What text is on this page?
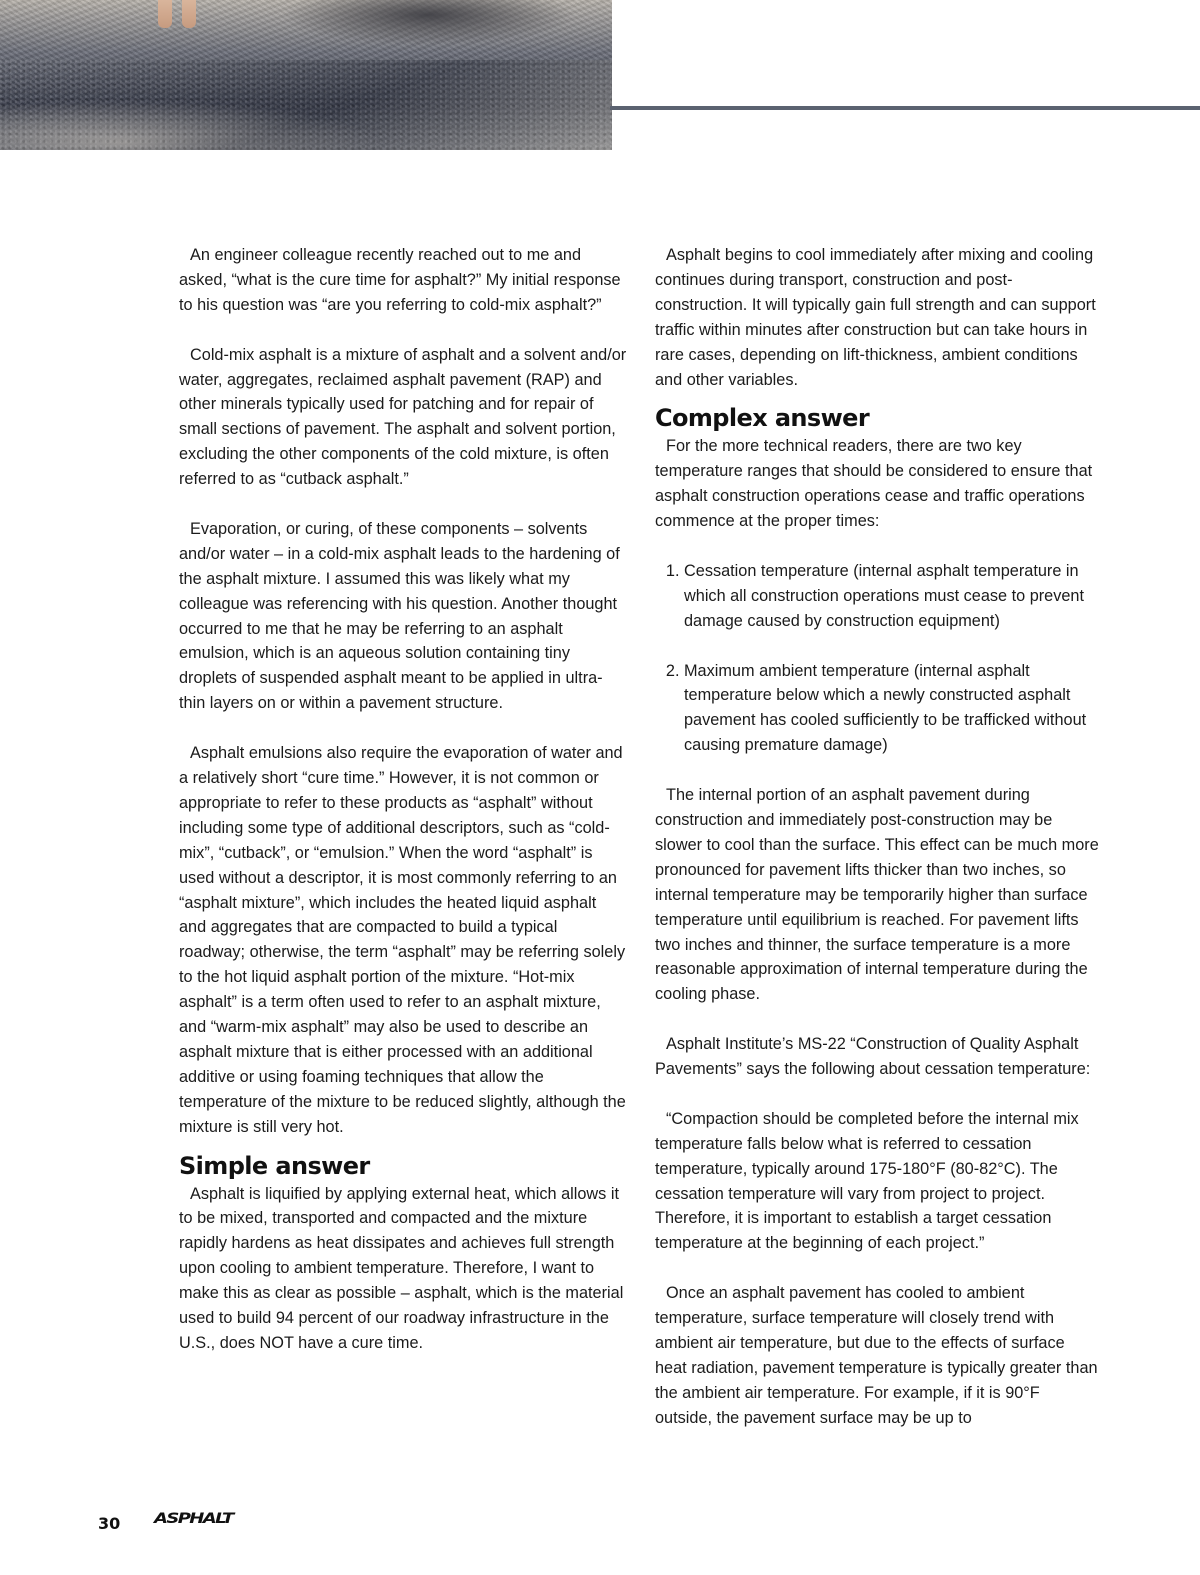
An engineer colleague recently reached out to me and asked, “what is the cure time for asphalt?” My initial response to his question was “are you referring to cold-mix asphalt?”

Cold-mix asphalt is a mixture of asphalt and a solvent and/or water, aggregates, reclaimed asphalt pavement (RAP) and other minerals typically used for patching and for repair of small sections of pavement. The asphalt and solvent portion, excluding the other components of the cold mixture, is often referred to as “cutback asphalt.”

Evaporation, or curing, of these components – solvents and/or water – in a cold-mix asphalt leads to the hardening of the asphalt mixture. I assumed this was likely what my colleague was referencing with his question. Another thought occurred to me that he may be referring to an asphalt emulsion, which is an aqueous solution containing tiny droplets of suspended asphalt meant to be applied in ultra-thin layers on or within a pavement structure.

Asphalt emulsions also require the evaporation of water and a relatively short “cure time.” However, it is not common or appropriate to refer to these products as “asphalt” without including some type of additional descriptors, such as “cold-mix”, “cutback”, or “emulsion.” When the word “asphalt” is used without a descriptor, it is most commonly referring to an “asphalt mixture”, which includes the heated liquid asphalt and aggregates that are compacted to build a typical roadway; otherwise, the term “asphalt” may be referring solely to the hot liquid asphalt portion of the mixture. “Hot-mix asphalt” is a term often used to refer to an asphalt mixture, and “warm-mix asphalt” may also be used to describe an asphalt mixture that is either processed with an additional additive or using foaming techniques that allow the temperature of the mixture to be reduced slightly, although the mixture is still very hot.

Simple answer

Asphalt is liquified by applying external heat, which allows it to be mixed, transported and compacted and the mixture rapidly hardens as heat dissipates and achieves full strength upon cooling to ambient temperature. Therefore, I want to make this as clear as possible – asphalt, which is the material used to build 94 percent of our roadway infrastructure in the U.S., does NOT have a cure time.

Asphalt begins to cool immediately after mixing and cooling continues during transport, construction and post-construction. It will typically gain full strength and can support traffic within minutes after construction but can take hours in rare cases, depending on lift-thickness, ambient conditions and other variables.

Complex answer

For the more technical readers, there are two key temperature ranges that should be considered to ensure that asphalt construction operations cease and traffic operations commence at the proper times:

1. Cessation temperature (internal asphalt temperature in which all construction operations must cease to prevent damage caused by construction equipment)
2. Maximum ambient temperature (internal asphalt temperature below which a newly constructed asphalt pavement has cooled sufficiently to be trafficked without causing premature damage)

The internal portion of an asphalt pavement during construction and immediately post-construction may be slower to cool than the surface. This effect can be much more pronounced for pavement lifts thicker than two inches, so internal temperature may be temporarily higher than surface temperature until equilibrium is reached. For pavement lifts two inches and thinner, the surface temperature is a more reasonable approximation of internal temperature during the cooling phase.

Asphalt Institute’s MS-22 “Construction of Quality Asphalt Pavements” says the following about cessation temperature:

“Compaction should be completed before the internal mix temperature falls below what is referred to cessation temperature, typically around 175-180°F (80-82°C). The cessation temperature will vary from project to project. Therefore, it is important to establish a target cessation temperature at the beginning of each project.”

Once an asphalt pavement has cooled to ambient temperature, surface temperature will closely trend with ambient air temperature, but due to the effects of surface heat radiation, pavement temperature is typically greater than the ambient air temperature. For example, if it is 90°F outside, the pavement surface may be up to

30 ASPHALT
